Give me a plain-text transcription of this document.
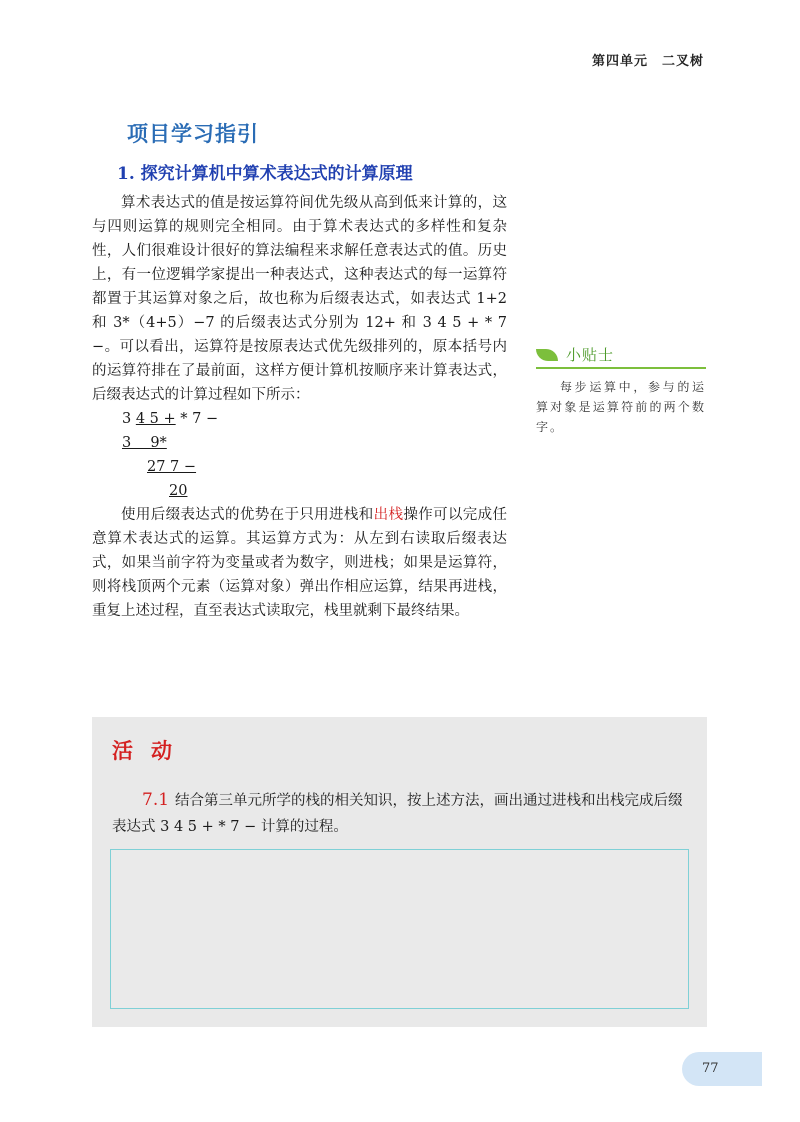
第四单元　二叉树
项目学习指引
1. 探究计算机中算术表达式的计算原理

算术表达式的值是按运算符间优先级从高到低来计算的，这与四则运算的规则完全相同。由于算术表达式的多样性和复杂性，人们很难设计很好的算法编程来求解任意表达式的值。历史上，有一位逻辑学家提出一种表达式，这种表达式的每一运算符都置于其运算对象之后，故也称为后缀表达式，如表达式 1+2 和 3*（4+5）−7 的后缀表达式分别为 12+ 和 3 4 5 + * 7 −。可以看出，运算符是按原表达式优先级排列的，原本括号内的运算符排在了最前面，这样方便计算机按顺序来计算表达式，后缀表达式的计算过程如下所示：

3 4 5 + * 7 −
3 　9*
27 7 −
20

使用后缀表达式的优势在于只用进栈和出栈操作可以完成任意算术表达式的运算。其运算方式为：从左到右读取后缀表达式，如果当前字符为变量或者为数字，则进栈；如果是运算符，则将栈顶两个元素（运算对象）弹出作相应运算，结果再进栈，重复上述过程，直至表达式读取完，栈里就剩下最终结果。

小贴士
每步运算中，参与的运算对象是运算符前的两个数字。
活动
7.1 结合第三单元所学的栈的相关知识，按上述方法，画出通过进栈和出栈完成后缀表达式 3 4 5 + * 7 − 计算的过程。
77
